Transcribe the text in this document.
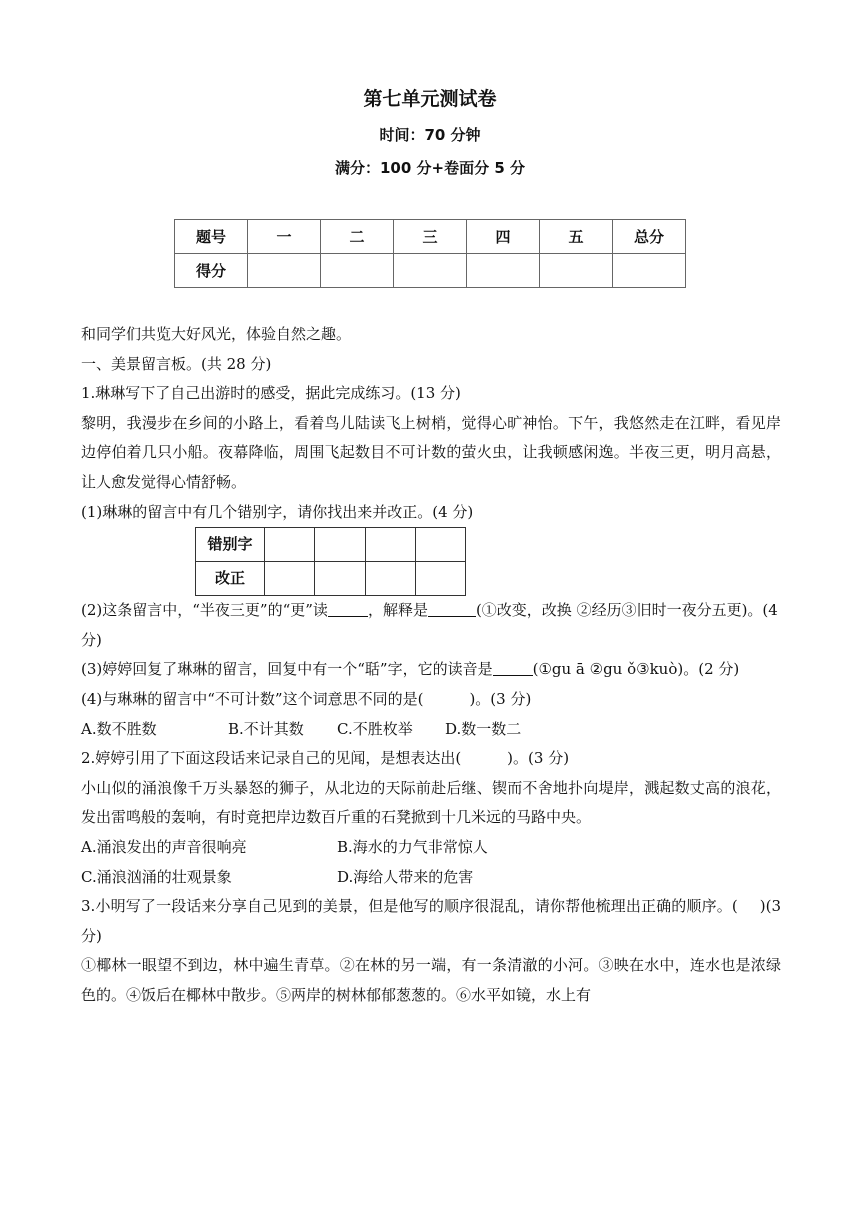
第七单元测试卷
时间：70 分钟
满分：100 分+卷面分 5 分
题号	一	二	三	四	五	总分
得分						

和同学们共览大好风光，体验自然之趣。

一、美景留言板。(共 28 分)

1.琳琳写下了自己出游时的感受，据此完成练习。(13 分)

黎明，我漫步在乡间的小路上，看着鸟儿陆读飞上树梢，觉得心旷神怡。下午，我悠然走在江畔，看见岸边停伯着几只小船。夜幕降临，周围飞起数目不可计数的萤火虫，让我顿感闲逸。半夜三更，明月高悬，让人愈发觉得心情舒畅。

(1)琳琳的留言中有几个错别字，请你找出来并改正。(4 分)

错别字				
改正				

(2)这条留言中，“半夜三更”的“更”读	，解释是	(①改变，改换 ②经历③旧时一夜分五更)。(4 分)

(3)婷婷回复了琳琳的留言，回复中有一个“聒”字，它的读音是	(①gu ā ②gu ǒ③kuò)。(2 分)

(4)与琳琳的留言中“不可计数”这个词意思不同的是(	)。(3 分)

A.数不胜数	B.不计其数 C.不胜枚举 D.数一数二

2.婷婷引用了下面这段话来记录自己的见闻，是想表达出(	)。(3 分)

小山似的涌浪像千万头暴怒的狮子，从北边的天际前赴后继、锲而不舍地扑向堤岸，溅起数丈高的浪花，发出雷鸣般的轰响，有时竟把岸边数百斤重的石凳掀到十几米远的马路中央。

A.涌浪发出的声音很响亮	B.海水的力气非常惊人

C.涌浪汹涌的壮观景象	D.海给人带来的危害

3.小明写了一段话来分享自己见到的美景，但是他写的顺序很混乱，请你帮他梳理出正确的顺序。( )(3 分)

①椰林一眼望不到边，林中遍生青草。②在林的另一端，有一条清澈的小河。③映在水中，连水也是浓绿色的。④饭后在椰林中散步。⑤两岸的树林郁郁葱葱的。⑥水平如镜，水上有
